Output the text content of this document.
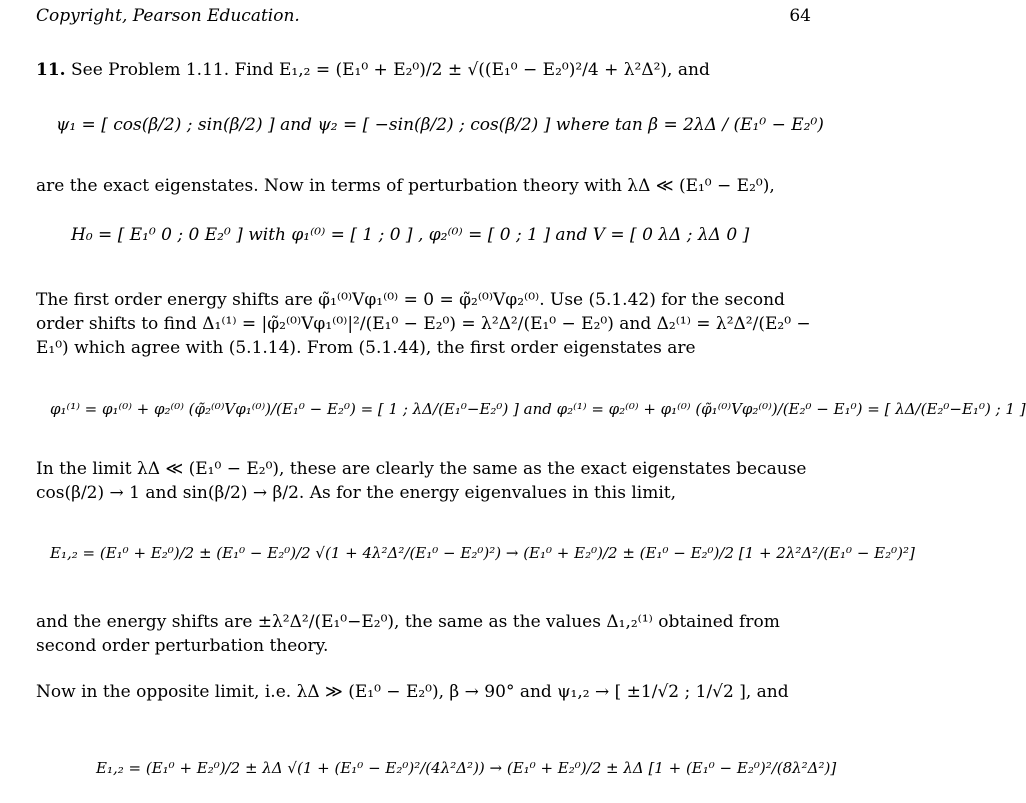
Copyright, Pearson Education.	64
11. See Problem 1.11. Find E₁,₂ = (E₁⁰ + E₂⁰)/2 ± √((E₁⁰ − E₂⁰)²/4 + λ²Δ²), and
ψ₁ = [ cos(β/2) ; sin(β/2) ] and ψ₂ = [ −sin(β/2) ; cos(β/2) ] where tan β = 2λΔ / (E₁⁰ − E₂⁰)
are the exact eigenstates. Now in terms of perturbation theory with λΔ ≪ (E₁⁰ − E₂⁰),
H₀ = [ E₁⁰ 0 ; 0 E₂⁰ ] with φ₁⁽⁰⁾ = [ 1 ; 0 ] , φ₂⁽⁰⁾ = [ 0 ; 1 ] and V = [ 0 λΔ ; λΔ 0 ]
The first order energy shifts are φ̃₁⁽⁰⁾Vφ₁⁽⁰⁾ = 0 = φ̃₂⁽⁰⁾Vφ₂⁽⁰⁾. Use (5.1.42) for the second order shifts to find Δ₁⁽¹⁾ = |φ̃₂⁽⁰⁾Vφ₁⁽⁰⁾|²/(E₁⁰ − E₂⁰) = λ²Δ²/(E₁⁰ − E₂⁰) and Δ₂⁽¹⁾ = λ²Δ²/(E₂⁰ − E₁⁰) which agree with (5.1.14). From (5.1.44), the first order eigenstates are
φ₁⁽¹⁾ = φ₁⁽⁰⁾ + φ₂⁽⁰⁾ (φ̃₂⁽⁰⁾Vφ₁⁽⁰⁾)/(E₁⁰ − E₂⁰) = [ 1 ; λΔ/(E₁⁰−E₂⁰) ] and φ₂⁽¹⁾ = φ₂⁽⁰⁾ + φ₁⁽⁰⁾ (φ̃₁⁽⁰⁾Vφ₂⁽⁰⁾)/(E₂⁰ − E₁⁰) = [ λΔ/(E₂⁰−E₁⁰) ; 1 ]
In the limit λΔ ≪ (E₁⁰ − E₂⁰), these are clearly the same as the exact eigenstates because cos(β/2) → 1 and sin(β/2) → β/2. As for the energy eigenvalues in this limit,
E₁,₂ = (E₁⁰ + E₂⁰)/2 ± (E₁⁰ − E₂⁰)/2 √(1 + 4λ²Δ²/(E₁⁰ − E₂⁰)²) → (E₁⁰ + E₂⁰)/2 ± (E₁⁰ − E₂⁰)/2 [1 + 2λ²Δ²/(E₁⁰ − E₂⁰)²]
and the energy shifts are ±λ²Δ²/(E₁⁰−E₂⁰), the same as the values Δ₁,₂⁽¹⁾ obtained from second order perturbation theory.
Now in the opposite limit, i.e. λΔ ≫ (E₁⁰ − E₂⁰), β → 90° and ψ₁,₂ → [ ±1/√2 ; 1/√2 ], and
E₁,₂ = (E₁⁰ + E₂⁰)/2 ± λΔ √(1 + (E₁⁰ − E₂⁰)²/(4λ²Δ²)) → (E₁⁰ + E₂⁰)/2 ± λΔ [1 + (E₁⁰ − E₂⁰)²/(8λ²Δ²)]
